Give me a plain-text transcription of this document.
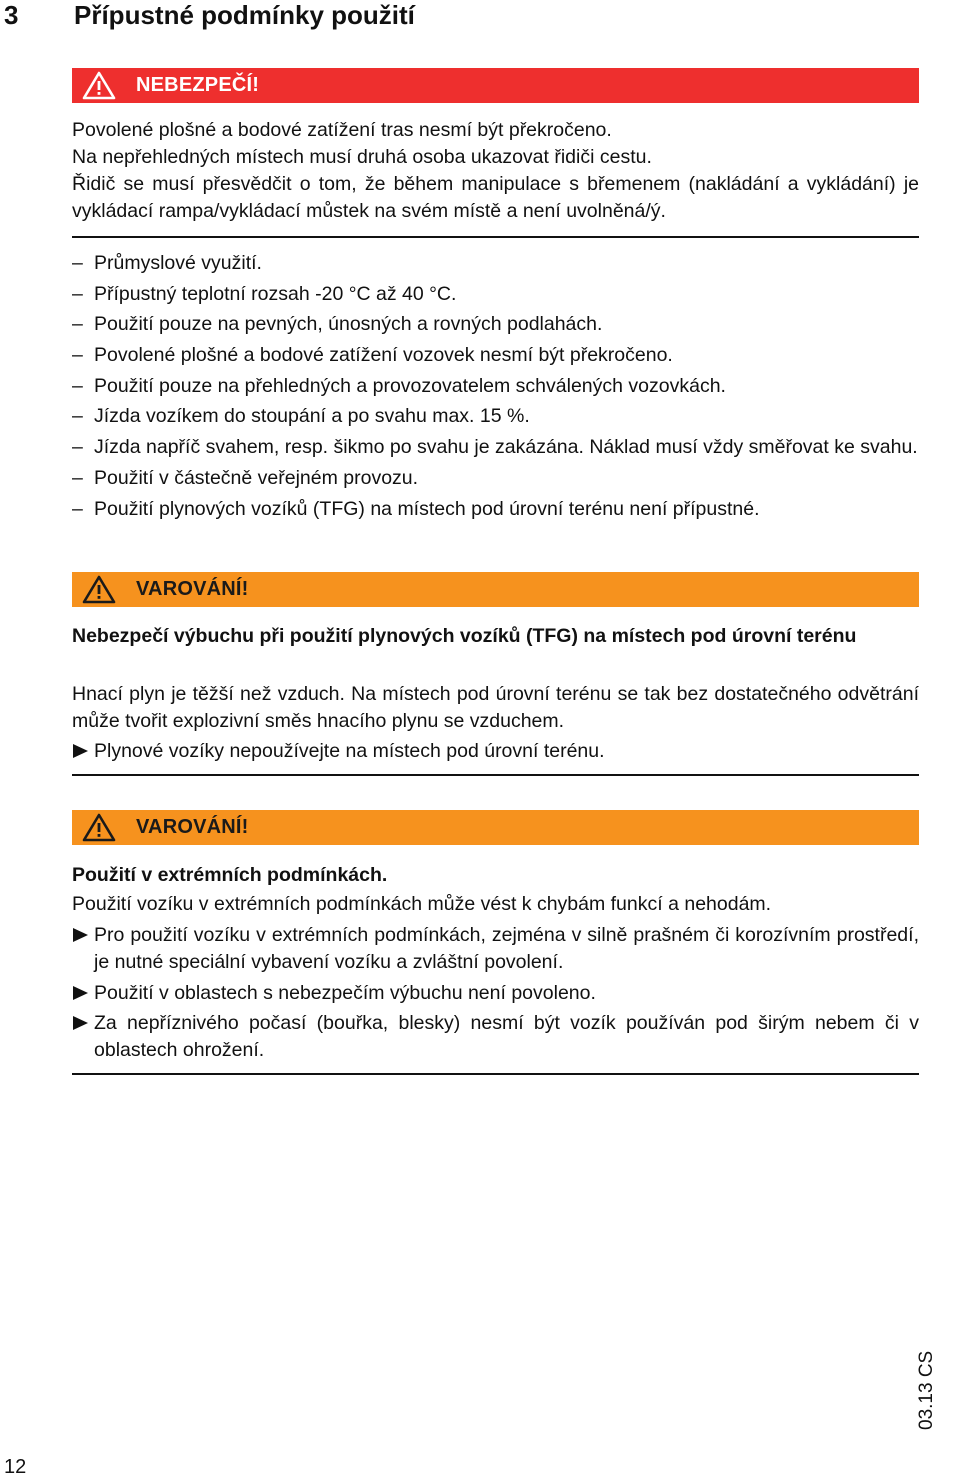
3 Přípustné podmínky použití
NEBEZPEČÍ!
Povolené plošné a bodové zatížení tras nesmí být překročeno.
Na nepřehledných místech musí druhá osoba ukazovat řidiči cestu.
Řidič se musí přesvědčit o tom, že během manipulace s břemenem (nakládání a vykládání) je vykládací rampa/vykládací můstek na svém místě a není uvolněná/ý.
– Průmyslové využití.
– Přípustný teplotní rozsah -20 °C až 40 °C.
– Použití pouze na pevných, únosných a rovných podlahách.
– Povolené plošné a bodové zatížení vozovek nesmí být překročeno.
– Použití pouze na přehledných a provozovatelem schválených vozovkách.
– Jízda vozíkem do stoupání a po svahu max. 15 %.
– Jízda napříč svahem, resp. šikmo po svahu je zakázána. Náklad musí vždy směřovat ke svahu.
– Použití v částečně veřejném provozu.
– Použití plynových vozíků (TFG) na místech pod úrovní terénu není přípustné.
VAROVÁNÍ!
Nebezpečí výbuchu při použití plynových vozíků (TFG) na místech pod úrovní terénu
Hnací plyn je těžší než vzduch. Na místech pod úrovní terénu se tak bez dostatečného odvětrání může tvořit explozivní směs hnacího plynu se vzduchem.
Plynové vozíky nepoužívejte na místech pod úrovní terénu.
VAROVÁNÍ!
Použití v extrémních podmínkách.
Použití vozíku v extrémních podmínkách může vést k chybám funkcí a nehodám.
Pro použití vozíku v extrémních podmínkách, zejména v silně prašném či korozívním prostředí, je nutné speciální vybavení vozíku a zvláštní povolení.
Použití v oblastech s nebezpečím výbuchu není povoleno.
Za nepříznivého počasí (bouřka, blesky) nesmí být vozík používán pod širým nebem či v oblastech ohrožení.
03.13 CS
12
